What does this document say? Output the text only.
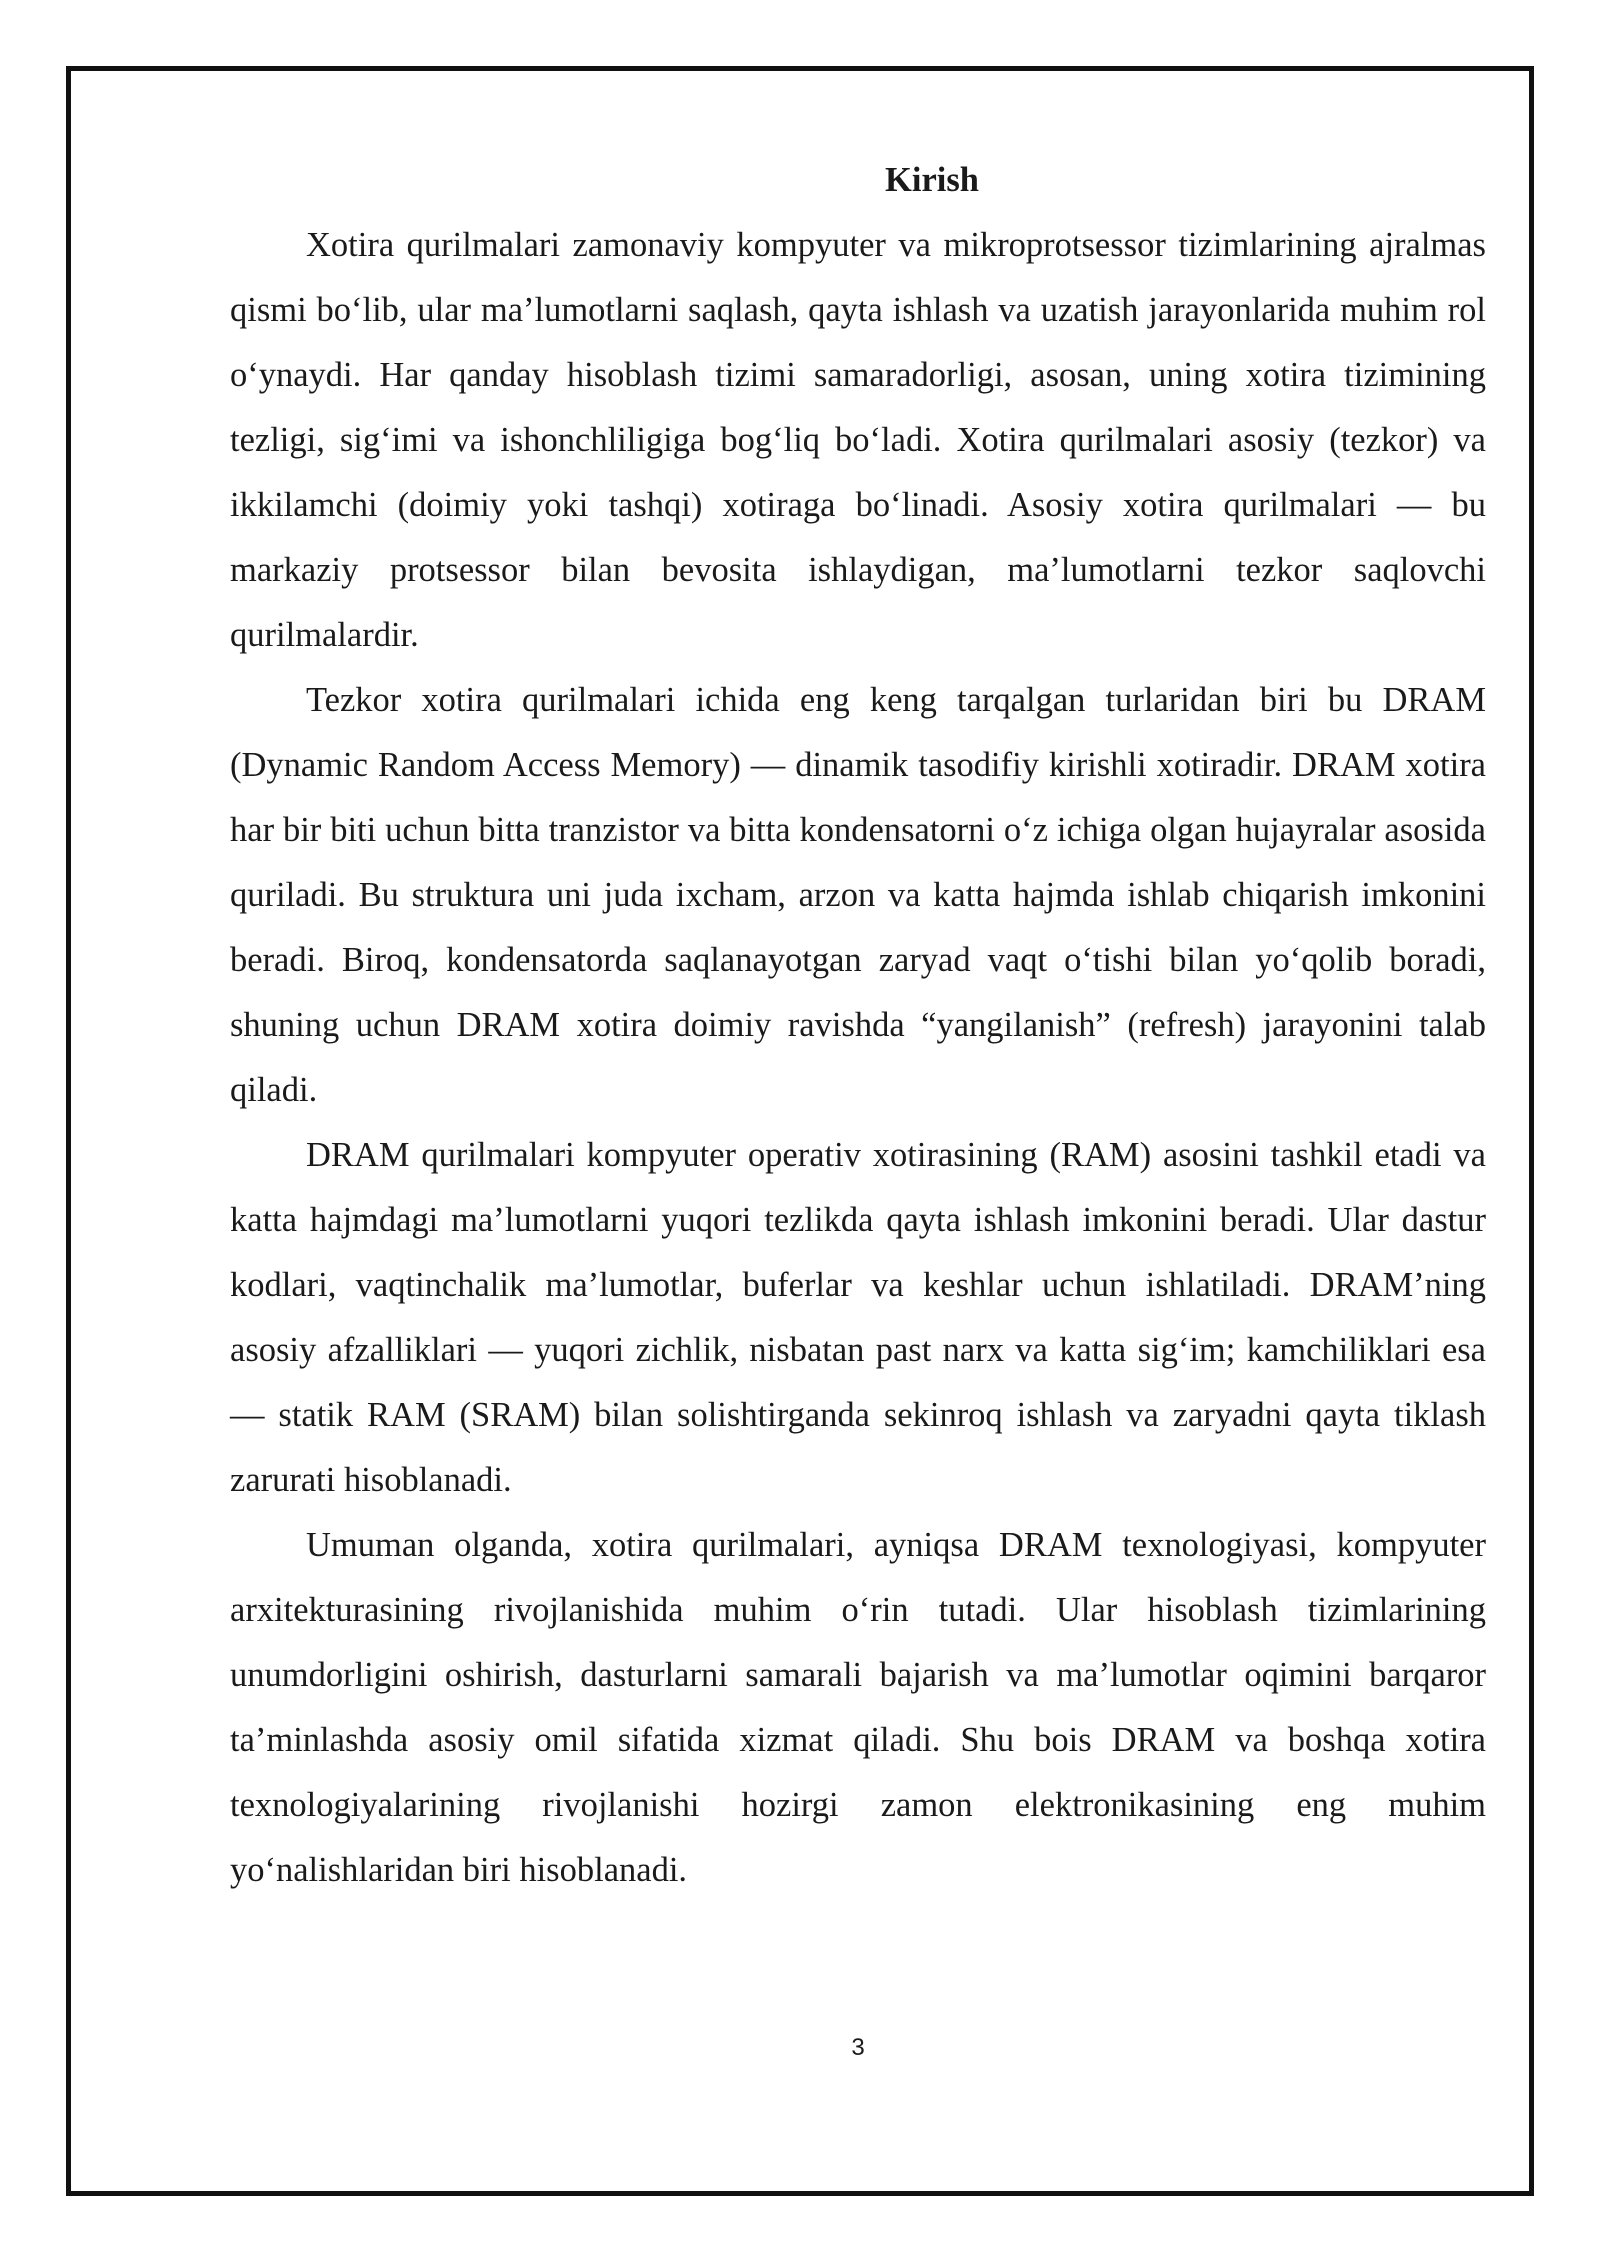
Kirish

Xotira qurilmalari zamonaviy kompyuter va mikroprotsessor tizimlarining ajralmas qismi bo‘lib, ular ma’lumotlarni saqlash, qayta ishlash va uzatish jarayonlarida muhim rol o‘ynaydi. Har qanday hisoblash tizimi samaradorligi, asosan, uning xotira tizimining tezligi, sig‘imi va ishonchliligiga bog‘liq bo‘ladi. Xotira qurilmalari asosiy (tezkor) va ikkilamchi (doimiy yoki tashqi) xotiraga bo‘linadi. Asosiy xotira qurilmalari — bu markaziy protsessor bilan bevosita ishlaydigan, ma’lumotlarni tezkor saqlovchi qurilmalardir.

Tezkor xotira qurilmalari ichida eng keng tarqalgan turlaridan biri bu DRAM (Dynamic Random Access Memory) — dinamik tasodifiy kirishli xotiradir. DRAM xotira har bir biti uchun bitta tranzistor va bitta kondensatorni o‘z ichiga olgan hujayralar asosida quriladi. Bu struktura uni juda ixcham, arzon va katta hajmda ishlab chiqarish imkonini beradi. Biroq, kondensatorda saqlanayotgan zaryad vaqt o‘tishi bilan yo‘qolib boradi, shuning uchun DRAM xotira doimiy ravishda “yangilanish” (refresh) jarayonini talab qiladi.

DRAM qurilmalari kompyuter operativ xotirasining (RAM) asosini tashkil etadi va katta hajmdagi ma’lumotlarni yuqori tezlikda qayta ishlash imkonini beradi. Ular dastur kodlari, vaqtinchalik ma’lumotlar, buferlar va keshlar uchun ishlatiladi. DRAM’ning asosiy afzalliklari — yuqori zichlik, nisbatan past narx va katta sig‘im; kamchiliklari esa — statik RAM (SRAM) bilan solishtirganda sekinroq ishlash va zaryadni qayta tiklash zarurati hisoblanadi.

Umuman olganda, xotira qurilmalari, ayniqsa DRAM texnologiyasi, kompyuter arxitekturasining rivojlanishida muhim o‘rin tutadi. Ular hisoblash tizimlarining unumdorligini oshirish, dasturlarni samarali bajarish va ma’lumotlar oqimini barqaror ta’minlashda asosiy omil sifatida xizmat qiladi. Shu bois DRAM va boshqa xotira texnologiyalarining rivojlanishi hozirgi zamon elektronikasining eng muhim yo‘nalishlaridan biri hisoblanadi.

3
